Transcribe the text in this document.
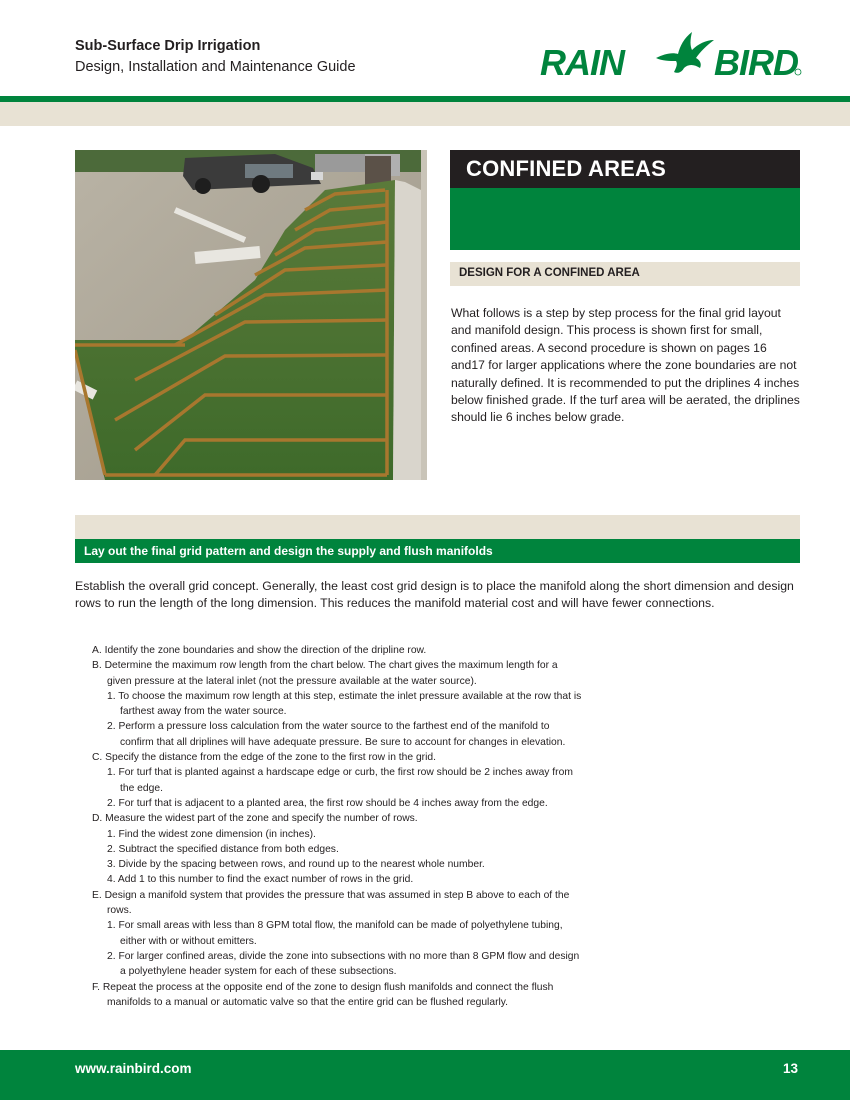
Sub-Surface Drip Irrigation
Design, Installation and Maintenance Guide	RAIN	BIRD
CONFINED AREAS
DESIGN FOR A CONFINED AREA
What follows is a step by step process for the final grid layout and manifold design. This process is shown first for small, confined areas. A second procedure is shown on pages 16 and17 for larger applications where the zone boundaries are not naturally defined. It is recommended to put the driplines 4 inches below finished grade. If the turf area will be aerated, the driplines should lie 6 inches below grade.
Lay out the final grid pattern and design the supply and flush manifolds
Establish the overall grid concept. Generally, the least cost grid design is to place the manifold along the short dimension and design rows to run the length of the long dimension. This reduces the manifold material cost and will have fewer connections.
A. Identify the zone boundaries and show the direction of the dripline row.
B. Determine the maximum row length from the chart below. The chart gives the maximum length for a
given pressure at the lateral inlet (not the pressure available at the water source).
1. To choose the maximum row length at this step, estimate the inlet pressure available at the row that is
farthest away from the water source.
2. Perform a pressure loss calculation from the water source to the farthest end of the manifold to
confirm that all driplines will have adequate pressure. Be sure to account for changes in elevation.
C. Specify the distance from the edge of the zone to the first row in the grid.
1. For turf that is planted against a hardscape edge or curb, the first row should be 2 inches away from
the edge.
2. For turf that is adjacent to a planted area, the first row should be 4 inches away from the edge.
D. Measure the widest part of the zone and specify the number of rows.
1. Find the widest zone dimension (in inches).
2. Subtract the specified distance from both edges.
3. Divide by the spacing between rows, and round up to the nearest whole number.
4. Add 1 to this number to find the exact number of rows in the grid.
E. Design a manifold system that provides the pressure that was assumed in step B above to each of the
rows.
1. For small areas with less than 8 GPM total flow, the manifold can be made of polyethylene tubing,
either with or without emitters.
2. For larger confined areas, divide the zone into subsections with no more than 8 GPM flow and design
a polyethylene header system for each of these subsections.
F. Repeat the process at the opposite end of the zone to design flush manifolds and connect the flush
manifolds to a manual or automatic valve so that the entire grid can be flushed regularly.
www.rainbird.com	13
